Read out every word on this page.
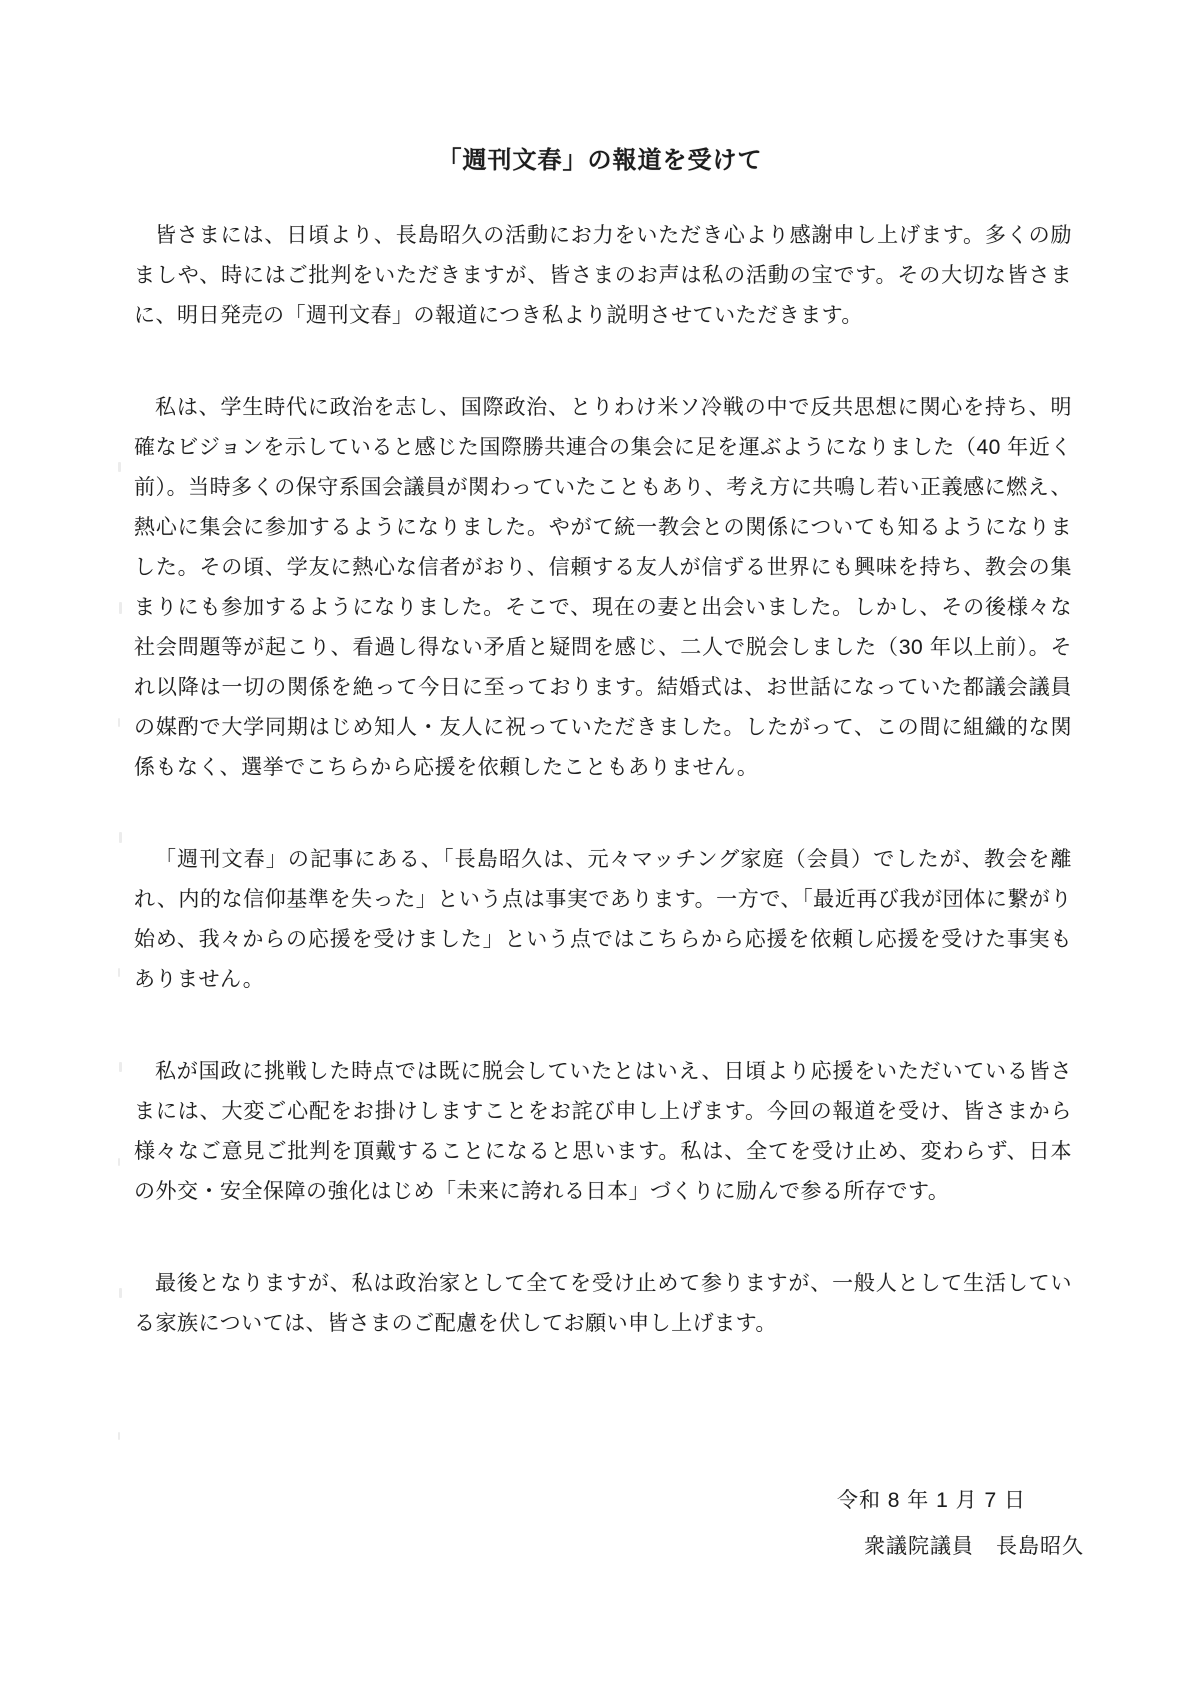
「週刊文春」の報道を受けて

皆さまには、日頃より、長島昭久の活動にお力をいただき心より感謝申し上げます。多くの励ましや、時にはご批判をいただきますが、皆さまのお声は私の活動の宝です。その大切な皆さまに、明日発売の「週刊文春」の報道につき私より説明させていただきます。

私は、学生時代に政治を志し、国際政治、とりわけ米ソ冷戦の中で反共思想に関心を持ち、明確なビジョンを示していると感じた国際勝共連合の集会に足を運ぶようになりました（40 年近く前）。当時多くの保守系国会議員が関わっていたこともあり、考え方に共鳴し若い正義感に燃え、熱心に集会に参加するようになりました。やがて統一教会との関係についても知るようになりました。その頃、学友に熱心な信者がおり、信頼する友人が信ずる世界にも興味を持ち、教会の集まりにも参加するようになりました。そこで、現在の妻と出会いました。しかし、その後様々な社会問題等が起こり、看過し得ない矛盾と疑問を感じ、二人で脱会しました（30 年以上前）。それ以降は一切の関係を絶って今日に至っております。結婚式は、お世話になっていた都議会議員の媒酌で大学同期はじめ知人・友人に祝っていただきました。したがって、この間に組織的な関係もなく、選挙でこちらから応援を依頼したこともありません。

「週刊文春」の記事にある、「長島昭久は、元々マッチング家庭（会員）でしたが、教会を離れ、内的な信仰基準を失った」という点は事実であります。一方で、「最近再び我が団体に繋がり始め、我々からの応援を受けました」という点ではこちらから応援を依頼し応援を受けた事実もありません。

私が国政に挑戦した時点では既に脱会していたとはいえ、日頃より応援をいただいている皆さまには、大変ご心配をお掛けしますことをお詫び申し上げます。今回の報道を受け、皆さまから様々なご意見ご批判を頂戴することになると思います。私は、全てを受け止め、変わらず、日本の外交・安全保障の強化はじめ「未来に誇れる日本」づくりに励んで参る所存です。

最後となりますが、私は政治家として全てを受け止めて参りますが、一般人として生活している家族については、皆さまのご配慮を伏してお願い申し上げます。

令和 8 年 1 月 7 日
衆議院議員　長島昭久
